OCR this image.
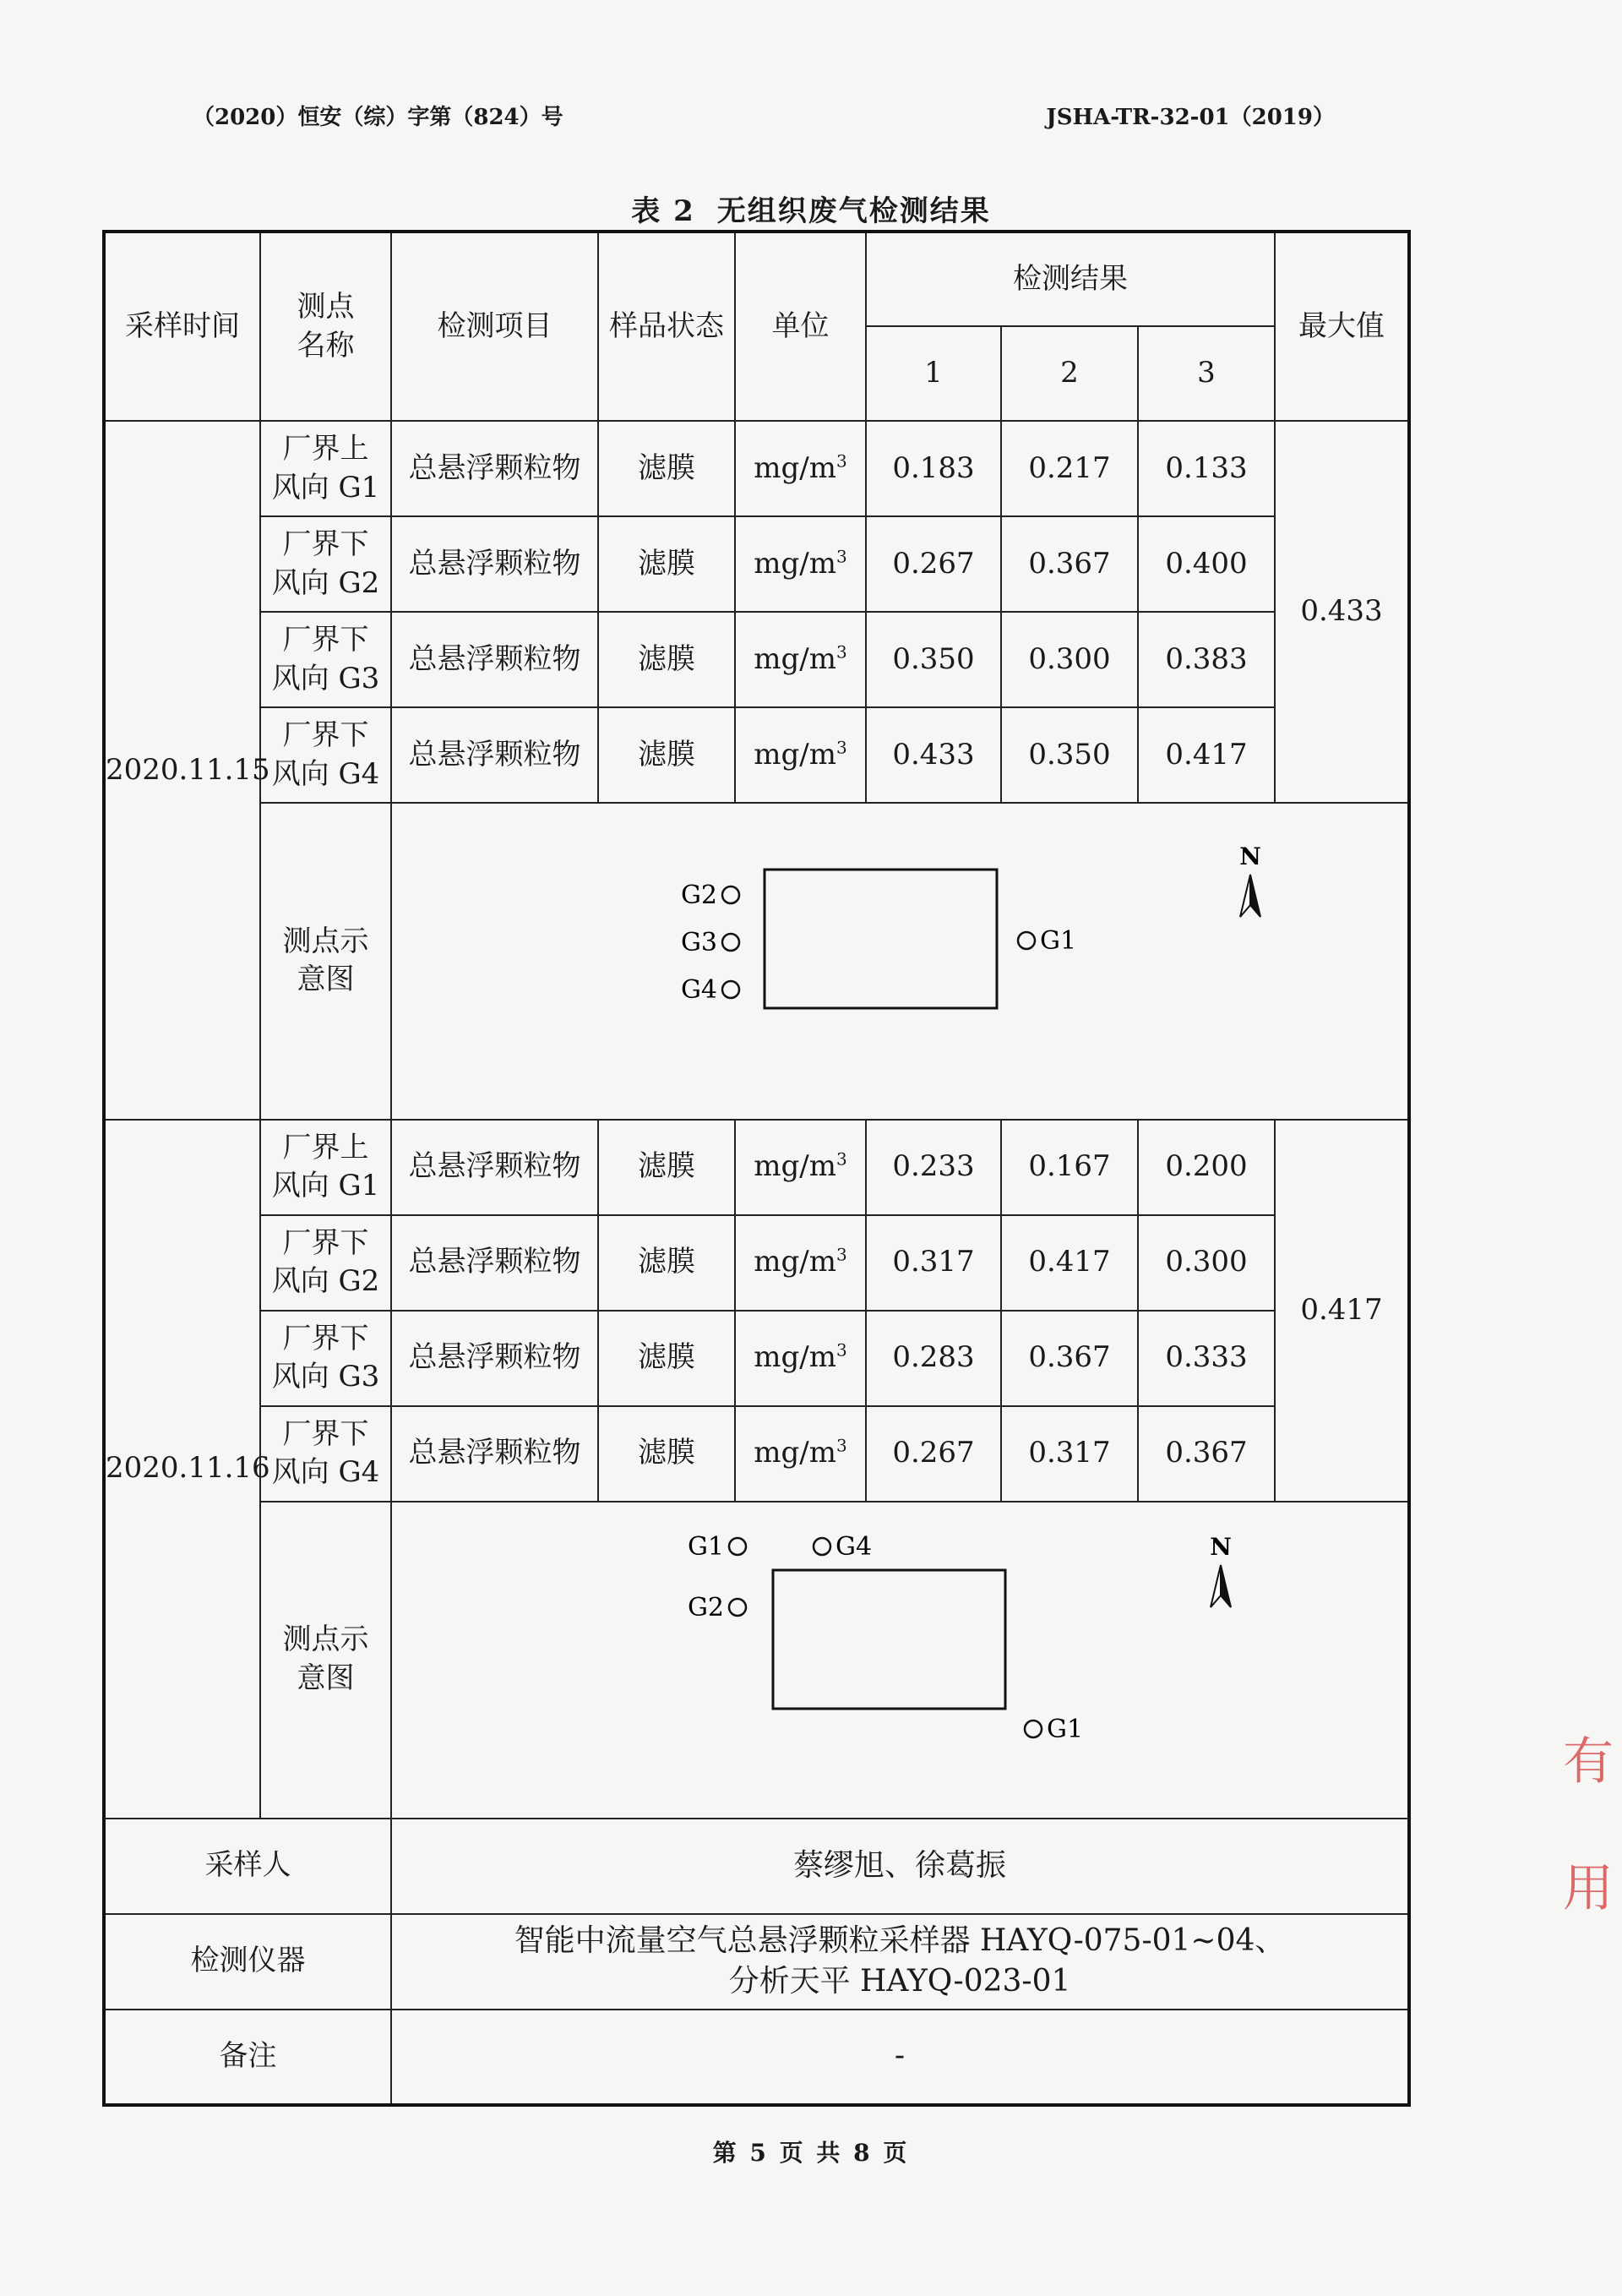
（2020）恒安（综）字第（824）号	JSHA-TR-32-01（2019）
表 2 无组织废气检测结果
采样时间	测点名称	检测项目	样品状态	单位	检测结果			最大值
					1	2	3	
2020.11.15	厂界上
风向 G1	总悬浮颗粒物	滤膜	$mg/m^3$	0.183	0.217	0.133	0.433

	厂界下
风向 G2	总悬浮颗粒物	滤膜	$mg/m^3$	0.267	0.367	0.400	

	厂界下
风向 G3	总悬浮颗粒物	滤膜	$mg/m^3$	0.350	0.300	0.383	

	厂界下
风向 G4	总悬浮颗粒物	滤膜	$mg/m^3$	0.433	0.350	0.417	
	测点示意图	N
G2
G3
G4
G1						

2020.11.16	厂界上
风向 G1	总悬浮颗粒物	滤膜	$mg/m^3$	0.233	0.167	0.200	0.417

	厂界下
风向 G2	总悬浮颗粒物	滤膜	$mg/m^3$	0.317	0.417	0.300	

	厂界下
风向 G3	总悬浮颗粒物	滤膜	$mg/m^3$	0.283	0.367	0.333	

	厂界下
风向 G4	总悬浮颗粒物	滤膜	$mg/m^3$	0.267	0.317	0.367	
	测点示意图	N
G1 G4
G2
G1						

采样人		蔡缪旭、徐葛振						
检测仪器		智能中流量空气总悬浮颗粒采样器 HAYQ-075-01~04、
分析天平 HAYQ-023-01						

备注		-						
第 5 页 共 8 页
有
用
